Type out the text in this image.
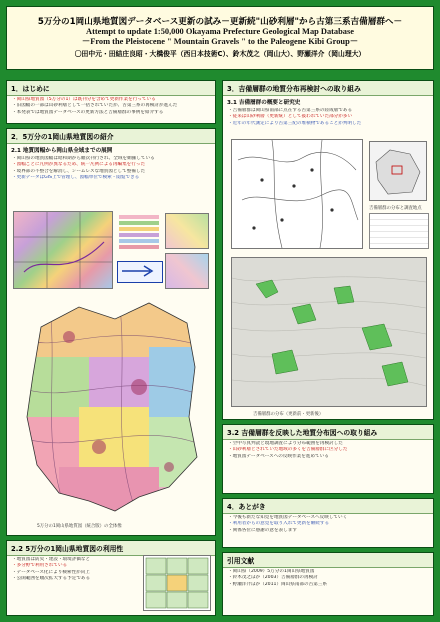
5万分の1岡山県地質図データベース更新の試み－更新続"山砂利層"から古第三系吉備層群へ－
Attempt to update 1:50,000 Okayama Prefecture Geological Map Database
－From the Pleistocene " Mountain Gravels " to the Paleogene Kibi Group－
〇田中元・田結庄良昭・大橋俊平（西日本技術C）、鈴木茂之（岡山大）、野瀬洋介（岡山理大）
1．はじめに
・岡山県地質図（5万分の1）は既刊分を含めて更新作業を行っている
・旧図幅の一部は山砂利層として一括されていたが、古第三系の再検討が進んだ
・本発表では地質図データベースの更新方法と吉備層群の事例を紹介する
2．5万分の1岡山県地質図の紹介
2.1 地質図幅から岡山県全域までの展開
・岡山県の地質図幅は昭和期から順次刊行され、全域を網羅している
・図幅ごとに凡例が異なるため、統一凡例による再編集を行った
・境界部の不整合を解消し、シームレスな地質図として整備した
・更新データはGIS上で管理し、図幅単位で検索・閲覧できる
5万分の1岡山県地質図（統合版）の全体像
2.2 5万分の1岡山県地質図の利用性
・地質図は防災・建設・環境評価など
・多分野で利用されている
・データベース化により検索性が向上
・公開範囲を順次拡大する予定である
3．吉備層群の地質分布再検討への取り組み
3.1 吉備層群の概要と研究史
・吉備層群は岡山県南部に点在する古第三系の陸成層である
・従来は山砂利層（更新統）として扱われていた部分が多い
・近年の年代測定により古第三紀の堆積物であることが判明した
吉備層群の分布と調査地点
吉備層群の分布（更新前・更新後）
3.2 吉備層群を反映した地質分布図への取り組み
・空中写真判読と現地調査により分布範囲を再検討した
・山砂利層とされていた地域の多くを吉備層群に区分した
・地質図データベースへの反映作業を進めている
4．あとがき
・今後も新たな知見を地質図データベースへ反映していく
・利用者からの意見を取り入れて更新を継続する
・関係各位に感謝の意を表します
引用文献
・岡山県（2009）5万分の1岡山県地質図
・鈴木茂之ほか（2003）吉備層群の再検討
・野瀬洋介ほか（2011）岡山県南部の古第三系
